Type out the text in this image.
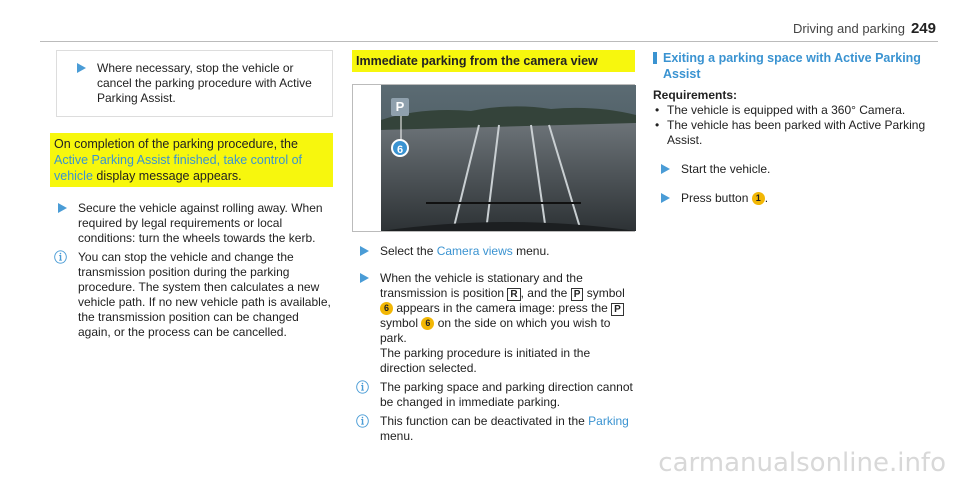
Driving and parking 249
Where necessary, stop the vehicle or cancel the parking procedure with Active Parking Assist.
On completion of the parking procedure, the
Active Parking Assist finished, take control of vehicle display message appears.
Secure the vehicle against rolling away. When required by legal requirements or local conditions: turn the wheels towards the kerb.
ⓘ You can stop the vehicle and change the transmission position during the parking procedure. The system then calculates a new vehicle path. If no new vehicle path is available, the transmission position can be changed again, or the process can be cancelled.
Immediate parking from the camera view
P
6
Select the Camera views menu.
When the vehicle is stationary and the transmission is position R , and the P symbol 6 appears in the camera image: press the P symbol 6 on the side on which you wish to park.
The parking procedure is initiated in the direction selected.
ⓘ The parking space and parking direction cannot be changed in immediate parking.
ⓘ This function can be deactivated in the Parking menu.
Exiting a parking space with Active Parking Assist
Requirements:
• The vehicle is equipped with a 360° Camera.
• The vehicle has been parked with Active Parking Assist.
Start the vehicle.
Press button 1 .
carmanualsonline.info
